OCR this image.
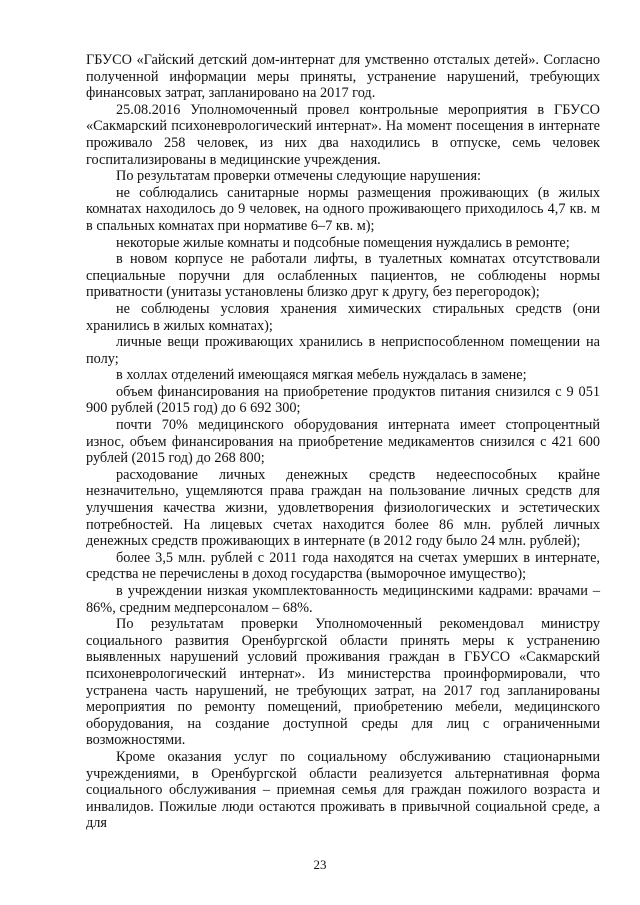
ГБУСО «Гайский детский дом-интернат для умственно отсталых детей». Согласно полученной информации меры приняты, устранение нарушений, требующих финансовых затрат, запланировано на 2017 год.

25.08.2016 Уполномоченный провел контрольные мероприятия в ГБУСО «Сакмарский психоневрологический интернат». На момент посещения в интернате проживало 258 человек, из них два находились в отпуске, семь человек госпитализированы в медицинские учреждения.

По результатам проверки отмечены следующие нарушения:

не соблюдались санитарные нормы размещения проживающих (в жилых комнатах находилось до 9 человек, на одного проживающего приходилось 4,7 кв. м в спальных комнатах при нормативе 6–7 кв. м);

некоторые жилые комнаты и подсобные помещения нуждались в ремонте;

в новом корпусе не работали лифты, в туалетных комнатах отсутствовали специальные поручни для ослабленных пациентов, не соблюдены нормы приватности (унитазы установлены близко друг к другу, без перегородок);

не соблюдены условия хранения химических стиральных средств (они хранились в жилых комнатах);

личные вещи проживающих хранились в неприспособленном помещении на полу;

в холлах отделений имеющаяся мягкая мебель нуждалась в замене;

объем финансирования на приобретение продуктов питания снизился с 9 051 900 рублей (2015 год) до 6 692 300;

почти 70% медицинского оборудования интерната имеет стопроцентный износ, объем финансирования на приобретение медикаментов снизился с 421 600 рублей (2015 год) до 268 800;

расходование личных денежных средств недееспособных крайне незначительно, ущемляются права граждан на пользование личных средств для улучшения качества жизни, удовлетворения физиологических и эстетических потребностей. На лицевых счетах находится более 86 млн. рублей личных денежных средств проживающих в интернате (в 2012 году было 24 млн. рублей);

более 3,5 млн. рублей с 2011 года находятся на счетах умерших в интернате, средства не перечислены в доход государства (выморочное имущество);

в учреждении низкая укомплектованность медицинскими кадрами: врачами – 86%, средним медперсоналом – 68%.

По результатам проверки Уполномоченный рекомендовал министру социального развития Оренбургской области принять меры к устранению выявленных нарушений условий проживания граждан в ГБУСО «Сакмарский психоневрологический интернат». Из министерства проинформировали, что устранена часть нарушений, не требующих затрат, на 2017 год запланированы мероприятия по ремонту помещений, приобретению мебели, медицинского оборудования, на создание доступной среды для лиц с ограниченными возможностями.

Кроме оказания услуг по социальному обслуживанию стационарными учреждениями, в Оренбургской области реализуется альтернативная форма социального обслуживания – приемная семья для граждан пожилого возраста и инвалидов. Пожилые люди остаются проживать в привычной социальной среде, а для

23
